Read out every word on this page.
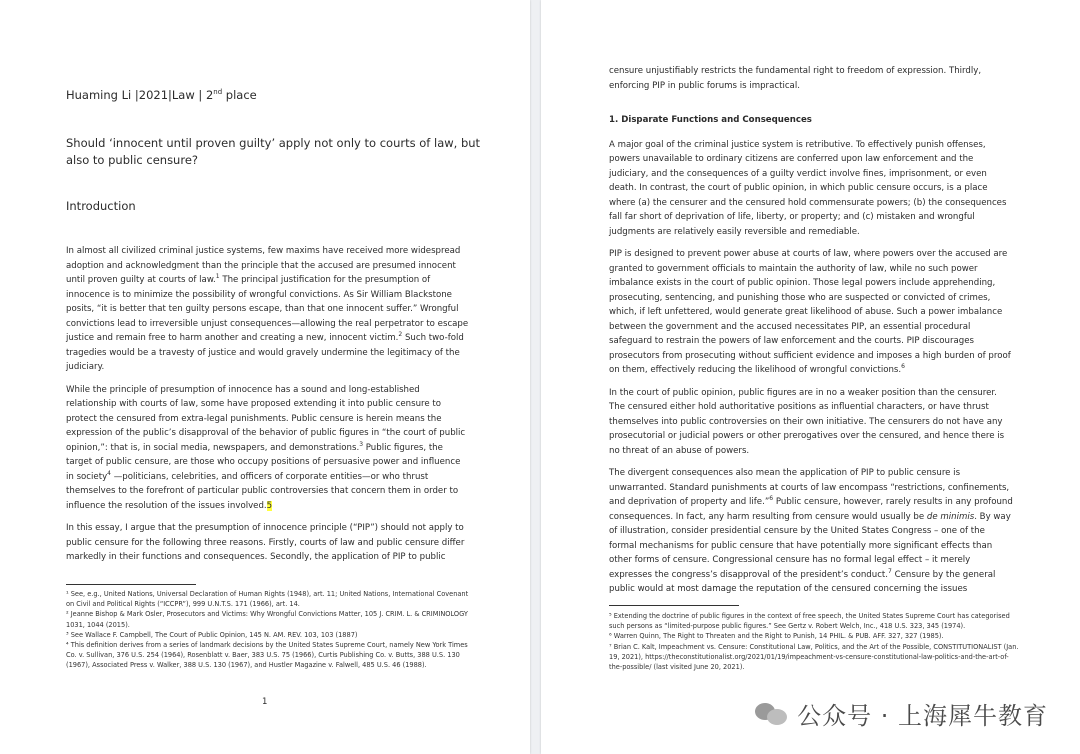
Huaming Li |2021|Law | 2nd place
Should ‘innocent until proven guilty’ apply not only to courts of law, but also to public censure?
Introduction

In almost all civilized criminal justice systems, few maxims have received more widespread adoption and acknowledgment than the principle that the accused are presumed innocent until proven guilty at courts of law.$^1$ The principal justification for the presumption of innocence is to minimize the possibility of wrongful convictions. As Sir William Blackstone posits, “it is better that ten guilty persons escape, than that one innocent suffer.” Wrongful convictions lead to irreversible unjust consequences—allowing the real perpetrator to escape justice and remain free to harm another and creating a new, innocent victim.$^2$ Such two-fold tragedies would be a travesty of justice and would gravely undermine the legitimacy of the judiciary.

While the principle of presumption of innocence has a sound and long-established relationship with courts of law, some have proposed extending it into public censure to protect the censured from extra-legal punishments. Public censure is herein means the expression of the public’s disapproval of the behavior of public figures in “the court of public opinion,”: that is, in social media, newspapers, and demonstrations.$^3$ Public figures, the target of public censure, are those who occupy positions of persuasive power and influence in society$^4$ —politicians, celebrities, and officers of corporate entities—or who thrust themselves to the forefront of particular public controversies that concern them in order to influence the resolution of the issues involved.5

In this essay, I argue that the presumption of innocence principle (“PIP”) should not apply to public censure for the following three reasons. Firstly, courts of law and public censure differ markedly in their functions and consequences. Secondly, the application of PIP to public

¹ See, e.g., United Nations, Universal Declaration of Human Rights (1948), art. 11; United Nations, International Covenant on Civil and Political Rights (“ICCPR”), 999 U.N.T.S. 171 (1966), art. 14.

² Jeanne Bishop & Mark Osler, Prosecutors and Victims: Why Wrongful Convictions Matter, 105 J. CRIM. L. & CRIMINOLOGY 1031, 1044 (2015).

³ See Wallace F. Campbell, The Court of Public Opinion, 145 N. AM. REV. 103, 103 (1887)

⁴ This definition derives from a series of landmark decisions by the United States Supreme Court, namely New York Times Co. v. Sullivan, 376 U.S. 254 (1964), Rosenblatt v. Baer, 383 U.S. 75 (1966), Curtis Publishing Co. v. Butts, 388 U.S. 130 (1967), Associated Press v. Walker, 388 U.S. 130 (1967), and Hustler Magazine v. Falwell, 485 U.S. 46 (1988).

1

censure unjustifiably restricts the fundamental right to freedom of expression. Thirdly, enforcing PIP in public forums is impractical.

1. Disparate Functions and Consequences

A major goal of the criminal justice system is retributive. To effectively punish offenses, powers unavailable to ordinary citizens are conferred upon law enforcement and the judiciary, and the consequences of a guilty verdict involve fines, imprisonment, or even death. In contrast, the court of public opinion, in which public censure occurs, is a place where (a) the censurer and the censured hold commensurate powers; (b) the consequences fall far short of deprivation of life, liberty, or property; and (c) mistaken and wrongful judgments are relatively easily reversible and remediable.

PIP is designed to prevent power abuse at courts of law, where powers over the accused are granted to government officials to maintain the authority of law, while no such power imbalance exists in the court of public opinion. Those legal powers include apprehending, prosecuting, sentencing, and punishing those who are suspected or convicted of crimes, which, if left unfettered, would generate great likelihood of abuse. Such a power imbalance between the government and the accused necessitates PIP, an essential procedural safeguard to restrain the powers of law enforcement and the courts. PIP discourages prosecutors from prosecuting without sufficient evidence and imposes a high burden of proof on them, effectively reducing the likelihood of wrongful convictions.$^6$

In the court of public opinion, public figures are in no a weaker position than the censurer. The censured either hold authoritative positions as influential characters, or have thrust themselves into public controversies on their own initiative. The censurers do not have any prosecutorial or judicial powers or other prerogatives over the censured, and hence there is no threat of an abuse of powers.

The divergent consequences also mean the application of PIP to public censure is unwarranted. Standard punishments at courts of law encompass “restrictions, confinements, and deprivation of property and life.”$^6$ Public censure, however, rarely results in any profound consequences. In fact, any harm resulting from censure would usually be de minimis. By way of illustration, consider presidential censure by the United States Congress – one of the formal mechanisms for public censure that have potentially more significant effects than other forms of censure. Congressional censure has no formal legal effect – it merely expresses the congress’s disapproval of the president’s conduct.$^7$ Censure by the general public would at most damage the reputation of the censured concerning the issues

⁵ Extending the doctrine of public figures in the context of free speech, the United States Supreme Court has categorised such persons as “limited-purpose public figures.” See Gertz v. Robert Welch, Inc., 418 U.S. 323, 345 (1974).

⁶ Warren Quinn, The Right to Threaten and the Right to Punish, 14 PHIL. & PUB. AFF. 327, 327 (1985).

⁷ Brian C. Kalt, Impeachment vs. Censure: Constitutional Law, Politics, and the Art of the Possible, CONSTITUTIONALIST (Jan. 19, 2021), https://theconstitutionalist.org/2021/01/19/impeachment-vs-censure-constitutional-law-politics-and-the-art-of-the-possible/ (last visited June 20, 2021).

公众号 · 上海犀牛教育
